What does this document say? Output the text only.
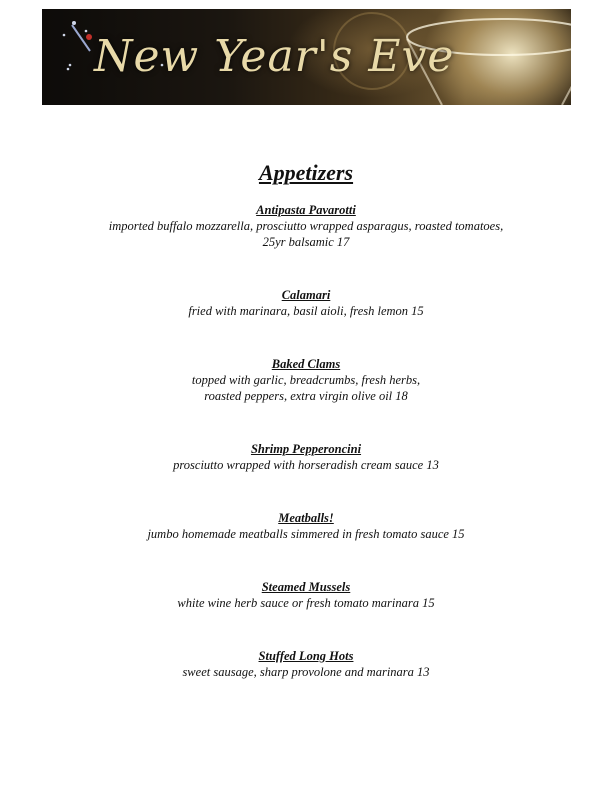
New Year's Eve
Appetizers
Antipasta Pavarotti
imported buffalo mozzarella, prosciutto wrapped asparagus, roasted tomatoes,
25yr balsamic 17
Calamari
fried with marinara, basil aioli, fresh lemon 15
Baked Clams
topped with garlic, breadcrumbs, fresh herbs,
roasted peppers, extra virgin olive oil 18
Shrimp Pepperoncini
prosciutto wrapped with horseradish cream sauce 13
Meatballs!
jumbo homemade meatballs simmered in fresh tomato sauce 15
Steamed Mussels
white wine herb sauce or fresh tomato marinara 15
Stuffed Long Hots
sweet sausage, sharp provolone and marinara 13
